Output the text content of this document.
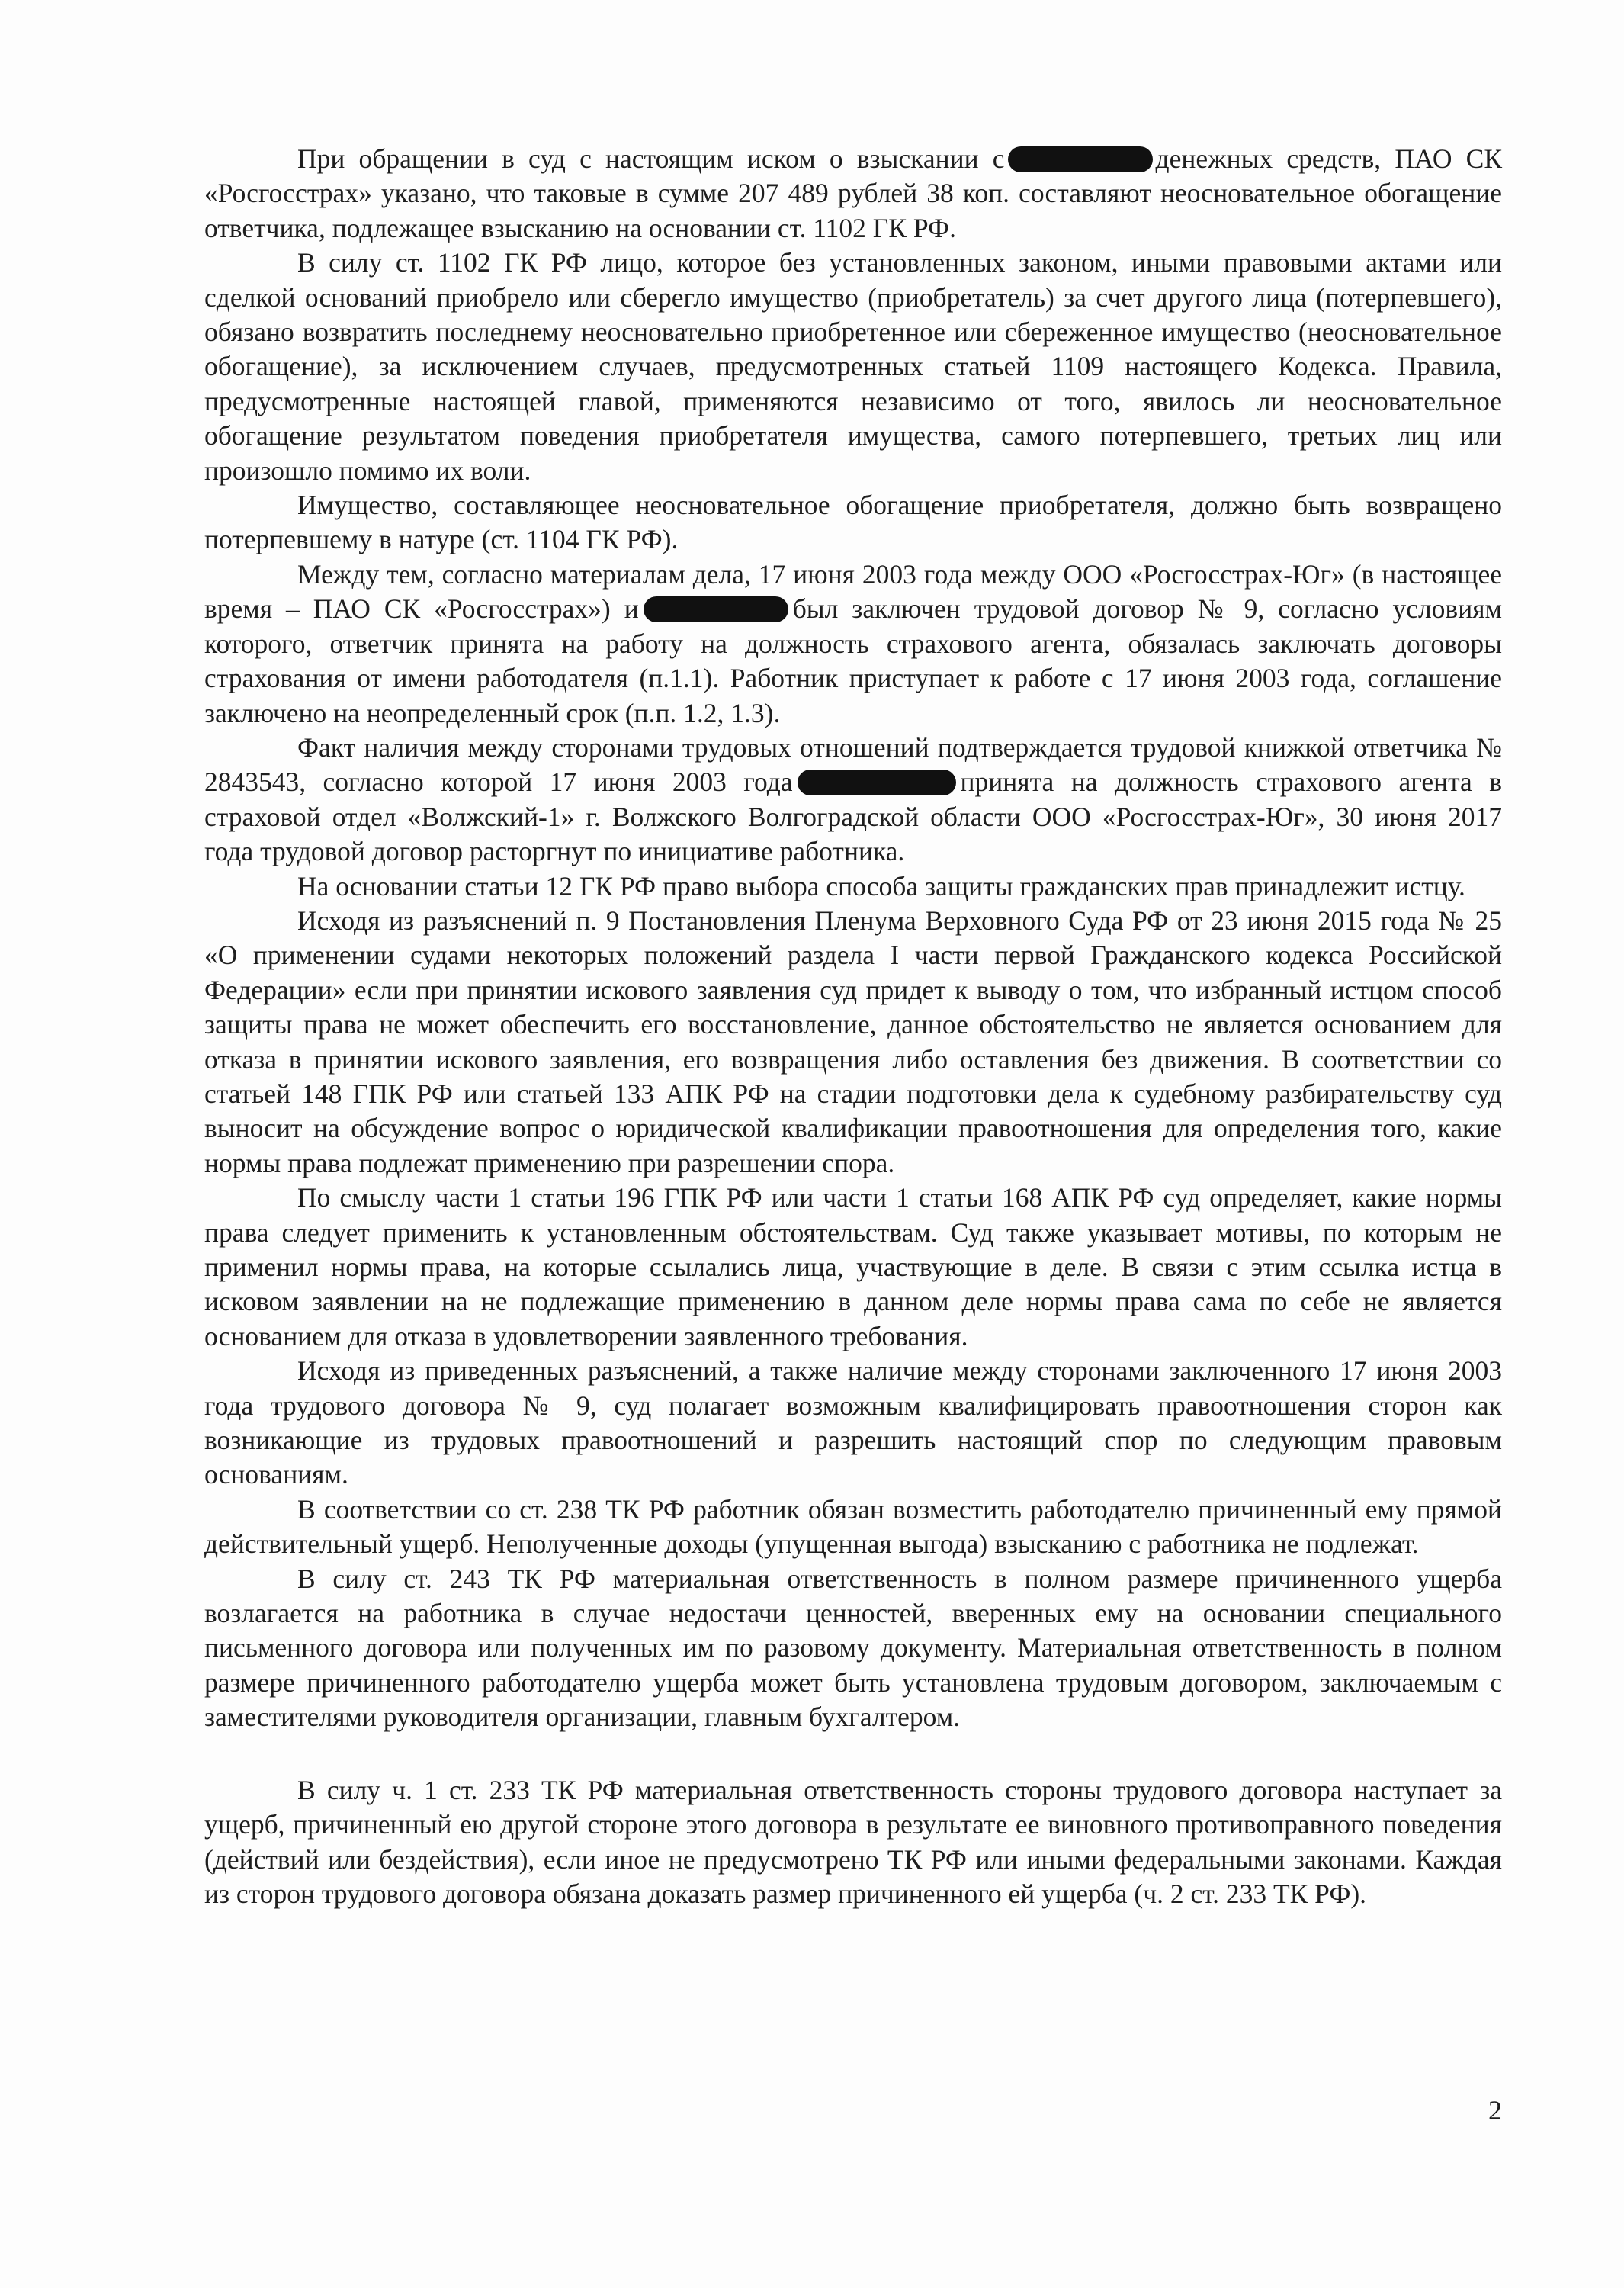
При обращении в суд с настоящим иском о взыскании с	денежных средств, ПАО СК «Росгосстрах» указано, что таковые в сумме 207 489 рублей 38 коп. составляют неосновательное обогащение ответчика, подлежащее взысканию на основании ст. 1102 ГК РФ.

В силу ст. 1102 ГК РФ лицо, которое без установленных законом, иными правовыми актами или сделкой оснований приобрело или сберегло имущество (приобретатель) за счет другого лица (потерпевшего), обязано возвратить последнему неосновательно приобретенное или сбереженное имущество (неосновательное обогащение), за исключением случаев, предусмотренных статьей 1109 настоящего Кодекса. Правила, предусмотренные настоящей главой, применяются независимо от того, явилось ли неосновательное обогащение результатом поведения приобретателя имущества, самого потерпевшего, третьих лиц или произошло помимо их воли.

Имущество, составляющее неосновательное обогащение приобретателя, должно быть возвращено потерпевшему в натуре (ст. 1104 ГК РФ).

Между тем, согласно материалам дела, 17 июня 2003 года между ООО «Росгосстрах-Юг» (в настоящее время – ПАО СК «Росгосстрах») и	был заключен трудовой договор № 9, согласно условиям которого, ответчик принята на работу на должность страхового агента, обязалась заключать договоры страхования от имени работодателя (п.1.1). Работник приступает к работе с 17 июня 2003 года, соглашение заключено на неопределенный срок (п.п. 1.2, 1.3).

Факт наличия между сторонами трудовых отношений подтверждается трудовой книжкой ответчика № 2843543, согласно которой 17 июня 2003 года	принята на должность страхового агента в страховой отдел «Волжский-1» г. Волжского Волгоградской области ООО «Росгосстрах-Юг», 30 июня 2017 года трудовой договор расторгнут по инициативе работника.

На основании статьи 12 ГК РФ право выбора способа защиты гражданских прав принадлежит истцу.

Исходя из разъяснений п. 9 Постановления Пленума Верховного Суда РФ от 23 июня 2015 года № 25 «О применении судами некоторых положений раздела I части первой Гражданского кодекса Российской Федерации» если при принятии искового заявления суд придет к выводу о том, что избранный истцом способ защиты права не может обеспечить его восстановление, данное обстоятельство не является основанием для отказа в принятии искового заявления, его возвращения либо оставления без движения. В соответствии со статьей 148 ГПК РФ или статьей 133 АПК РФ на стадии подготовки дела к судебному разбирательству суд выносит на обсуждение вопрос о юридической квалификации правоотношения для определения того, какие нормы права подлежат применению при разрешении спора.

По смыслу части 1 статьи 196 ГПК РФ или части 1 статьи 168 АПК РФ суд определяет, какие нормы права следует применить к установленным обстоятельствам. Суд также указывает мотивы, по которым не применил нормы права, на которые ссылались лица, участвующие в деле. В связи с этим ссылка истца в исковом заявлении на не подлежащие применению в данном деле нормы права сама по себе не является основанием для отказа в удовлетворении заявленного требования.

Исходя из приведенных разъяснений, а также наличие между сторонами заключенного 17 июня 2003 года трудового договора № 9, суд полагает возможным квалифицировать правоотношения сторон как возникающие из трудовых правоотношений и разрешить настоящий спор по следующим правовым основаниям.

В соответствии со ст. 238 ТК РФ работник обязан возместить работодателю причиненный ему прямой действительный ущерб. Неполученные доходы (упущенная выгода) взысканию с работника не подлежат.

В силу ст. 243 ТК РФ материальная ответственность в полном размере причиненного ущерба возлагается на работника в случае недостачи ценностей, вверенных ему на основании специального письменного договора или полученных им по разовому документу. Материальная ответственность в полном размере причиненного работодателю ущерба может быть установлена трудовым договором, заключаемым с заместителями руководителя организации, главным бухгалтером.

В силу ч. 1 ст. 233 ТК РФ материальная ответственность стороны трудового договора наступает за ущерб, причиненный ею другой стороне этого договора в результате ее виновного противоправного поведения (действий или бездействия), если иное не предусмотрено ТК РФ или иными федеральными законами. Каждая из сторон трудового договора обязана доказать размер причиненного ей ущерба (ч. 2 ст. 233 ТК РФ).

2
